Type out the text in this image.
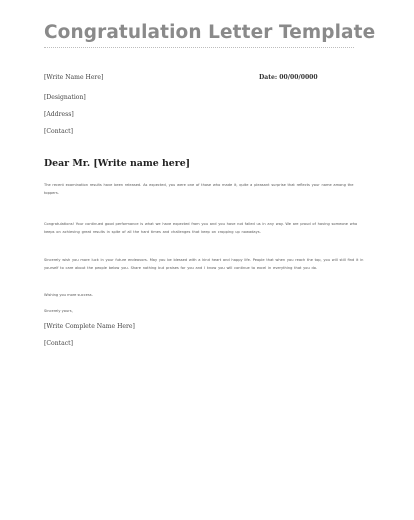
Congratulation Letter Template

[Write Name Here]	Date: 00/00/0000

[Designation]

[Address]

[Contact]

Dear Mr. [Write name here]

The recent examination results have been released. As expected, you were one of those who made it, quite a pleasant surprise that reflects your name among the toppers.

Congratulations! Your continued good performance is what we have expected from you and you have not failed us in any way. We are proud of having someone who keeps on achieving great results in spite of all the hard times and challenges that keep on cropping up nowadays.

Sincerely wish you more luck in your future endeavors. May you be blessed with a kind heart and happy life. People that when you reach the top, you will still find it in yourself to care about the people below you. Share nothing but praises for you and I know you will continue to excel in everything that you do.

Wishing you more success.

Sincerely yours,

[Write Complete Name Here]

[Contact]
